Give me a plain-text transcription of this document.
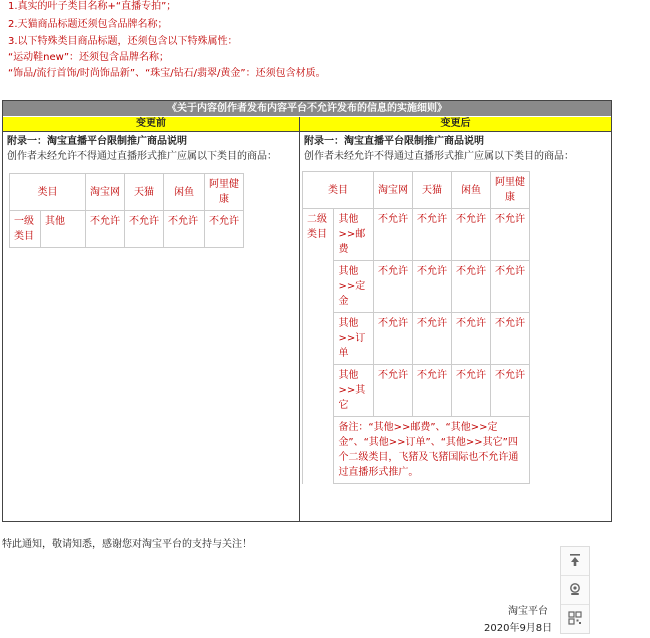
1.真实的叶子类目名称+“直播专拍”；
2.天猫商品标题还须包含品牌名称；
3.以下特殊类目商品标题，还须包含以下特殊属性：
“运动鞋new”：还须包含品牌名称；
“饰品/流行首饰/时尚饰品新”、“珠宝/钻石/翡翠/黄金”：还须包含材质。
《关于内容创作者发布内容平台不允许发布的信息的实施细则》
变更前
附录一：淘宝直播平台限制推广商品说明
创作者未经允许不得通过直播形式推广应属以下类目的商品：
类目		淘宝网	天猫	闲鱼	阿里健康
一级类目	其他	不允许	不允许	不允许	不允许
变更后
附录一：淘宝直播平台限制推广商品说明
创作者未经允许不得通过直播形式推广应属以下类目的商品：
类目		淘宝网	天猫	闲鱼	阿里健康
二级类目	其他>>邮费	不允许	不允许	不允许	不允许
	其他>>定金	不允许	不允许	不允许	不允许
	其他>>订单	不允许	不允许	不允许	不允许
	其他>>其它	不允许	不允许	不允许	不允许
	备注：“其他>>邮费”、“其他>>定金”、“其他>>订单”、“其他>>其它”四个二级类目，飞猪及飞猪国际也不允许通过直播形式推广。				
特此通知，敬请知悉，感谢您对淘宝平台的支持与关注！
淘宝平台
2020年9月8日
